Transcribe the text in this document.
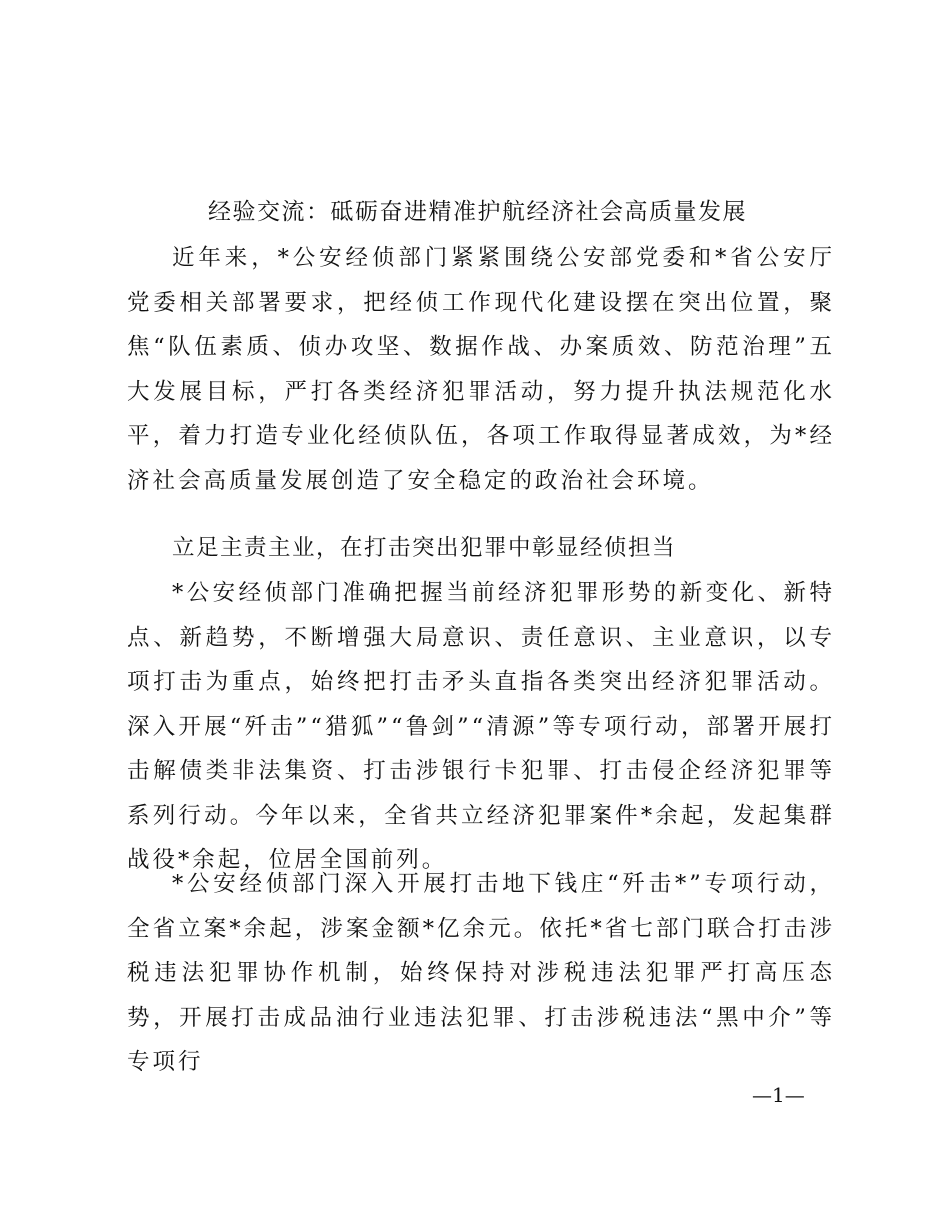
经验交流：砥砺奋进精准护航经济社会高质量发展

近年来，*公安经侦部门紧紧围绕公安部党委和*省公安厅党委相关部署要求，把经侦工作现代化建设摆在突出位置，聚焦“队伍素质、侦办攻坚、数据作战、办案质效、防范治理”五大发展目标，严打各类经济犯罪活动，努力提升执法规范化水平，着力打造专业化经侦队伍，各项工作取得显著成效，为*经济社会高质量发展创造了安全稳定的政治社会环境。

立足主责主业，在打击突出犯罪中彰显经侦担当

*公安经侦部门准确把握当前经济犯罪形势的新变化、新特点、新趋势，不断增强大局意识、责任意识、主业意识，以专项打击为重点，始终把打击矛头直指各类突出经济犯罪活动。深入开展“歼击”“猎狐”“鲁剑”“清源”等专项行动，部署开展打击解债类非法集资、打击涉银行卡犯罪、打击侵企经济犯罪等系列行动。今年以来，全省共立经济犯罪案件*余起，发起集群战役*余起，位居全国前列。

*公安经侦部门深入开展打击地下钱庄“歼击*”专项行动，全省立案*余起，涉案金额*亿余元。依托*省七部门联合打击涉税违法犯罪协作机制，始终保持对涉税违法犯罪严打高压态势，开展打击成品油行业违法犯罪、打击涉税违法“黑中介”等专项行

—1—
